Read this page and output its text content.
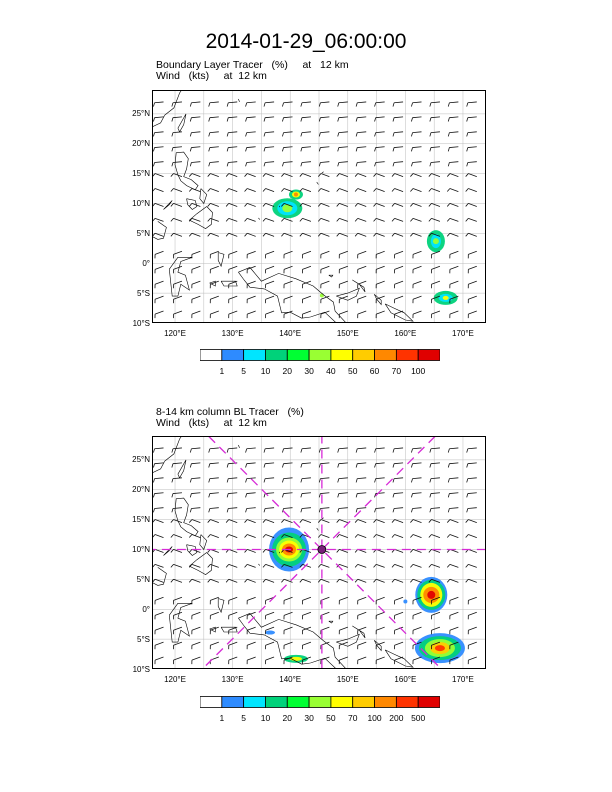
2014-01-29_06:00:00
Boundary Layer Tracer   (%)     at   12 km
Wind   (kts)     at  12 km
25°N
20°N
15°N
10°N
5°N
0°
5°S
10°S
120°E	130°E	140°E	150°E	160°E	170°E
1	5	10	20	30	40	50	60	70	100
8-14 km column BL Tracer   (%)
Wind   (kts)     at  12 km
25°N
20°N
15°N
10°N
5°N
0°
5°S
10°S
120°E	130°E	140°E	150°E	160°E	170°E
1	5	10	20	30	50	70	100 200 500
